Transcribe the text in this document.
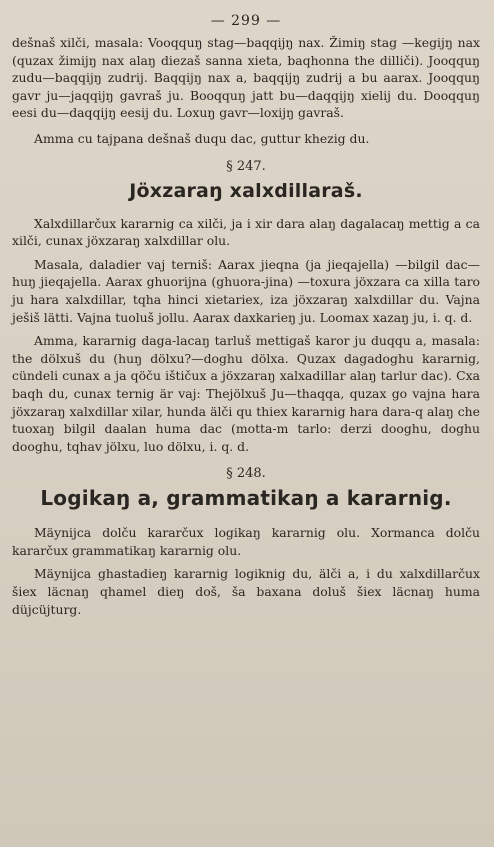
— 299 —

dešnaš xilči, masala: Vooqquŋ stag—baqqijŋ nax. Žimiŋ stag —kegijŋ nax (quzax žimijŋ nax alaŋ diezaš sanna xieta, baqhonna the dilliči). Jooqquŋ zudu—baqqijŋ zudrij. Baqqijŋ nax a, baqqijŋ zudrij a bu aarax. Jooqquŋ gavr ju—jaqqijŋ gavraš ju. Booqquŋ jatt bu—daqqijŋ xielij du. Dooqquŋ eesi du—daqqijŋ eesij du. Loxuŋ gavr—loxijŋ gavraš.

Amma cu tajpana dešnaš duqu dac, guttur khezig du.

§ 247.
Jöxzaraŋ xalxdillaraš.

Xalxdillarčux kararnig ca xilči, ja i xir dara alaŋ dagalacaŋ mettig a ca xilči, cunax jöxzaraŋ xalxdillar olu.

Masala, daladier vaj terniš: Aarax jieqna (ja jieqajella) —bilgil dac—huŋ jieqajella. Aarax ghuorijna (ghuora-jina) —toxura jöxzara ca xilla taro ju hara xalxdillar, tqha hinci xietariex, iza jöxzaraŋ xalxdillar du. Vajna ješiš lätti. Vajna tuoluš jollu. Aarax daxkarieŋ ju. Loomax xazaŋ ju, i. q. d.

Amma, kararnig daga-lacaŋ tarluš mettigaš karor ju duqqu a, masala: the dölxuš du (huŋ dölxu?—doghu dölxa. Quzax dagadoghu kararnig, cündeli cunax a ja qöču ištičux a jöxzaraŋ xalxadillar alaŋ tarlur dac). Cxa baqh du, cunax ternig är vaj: Thejölxuš Ju—thaqqa, quzax go vajna hara jöxzaraŋ xalxdillar xilar, hunda älči qu thiex kararnig hara dara-q alaŋ che tuoxaŋ bilgil daalan huma dac (motta-m tarlo: derzi dooghu, doghu dooghu, tqhav jölxu, luo dölxu, i. q. d.

§ 248.
Logikaŋ a, grammatikaŋ a kararnig.

Mäynijca dolču kararčux logikaŋ kararnig olu. Xormanca dolču kararčux grammatikaŋ kararnig olu.

Mäynijca ghastadieŋ kararnig logiknig du, älči a, i du xalxdillarčux šiex läcnaŋ qhamel dieŋ doš, ša baxana doluš šiex läcnaŋ huma düjcüjturg.
